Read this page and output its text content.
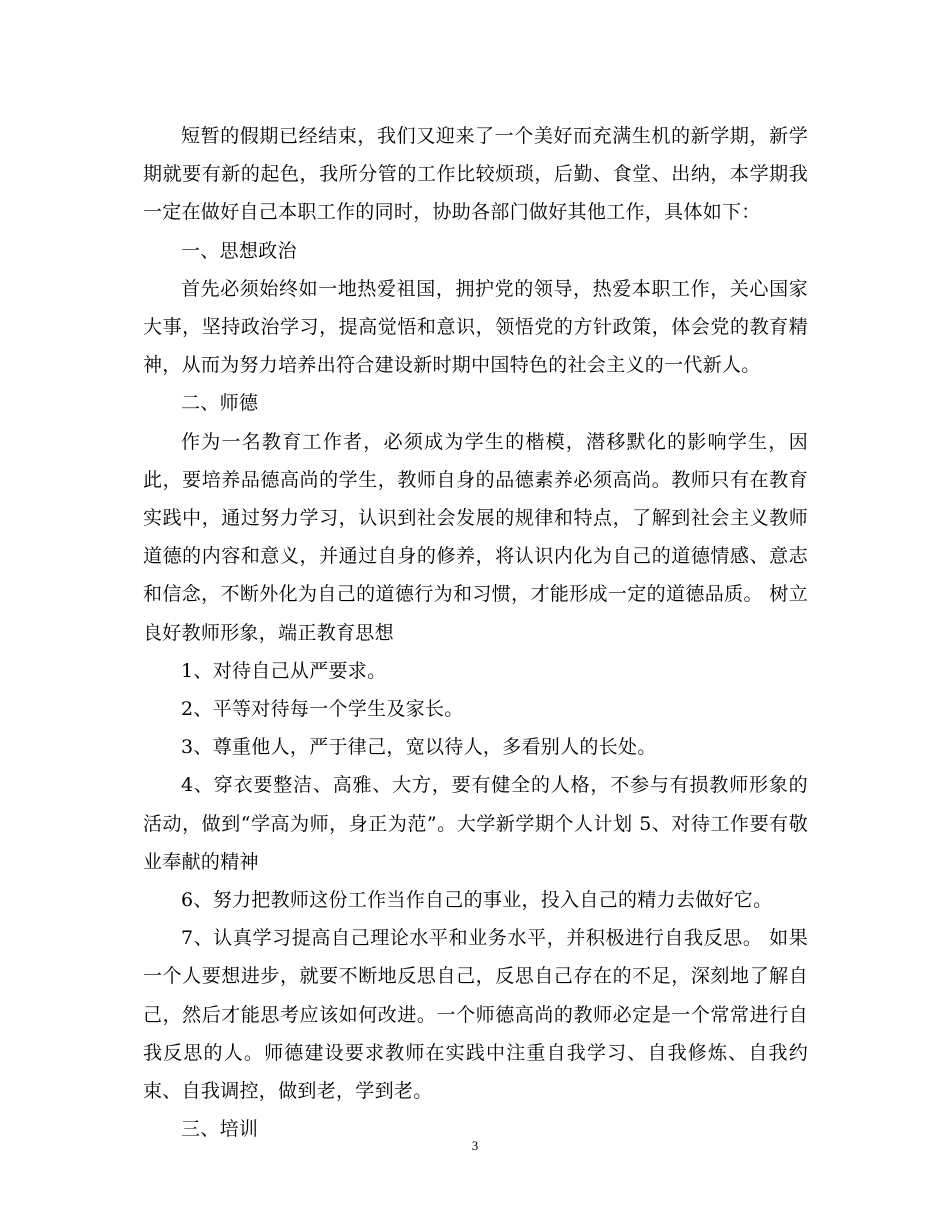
短暂的假期已经结束，我们又迎来了一个美好而充满生机的新学期，新学期就要有新的起色，我所分管的工作比较烦琐，后勤、食堂、出纳，本学期我一定在做好自己本职工作的同时，协助各部门做好其他工作，具体如下：

一、思想政治

首先必须始终如一地热爱祖国，拥护党的领导，热爱本职工作，关心国家大事，坚持政治学习，提高觉悟和意识，领悟党的方针政策，体会党的教育精神，从而为努力培养出符合建设新时期中国特色的社会主义的一代新人。

二、师德

作为一名教育工作者，必须成为学生的楷模，潜移默化的影响学生，因此，要培养品德高尚的学生，教师自身的品德素养必须高尚。教师只有在教育实践中，通过努力学习，认识到社会发展的规律和特点，了解到社会主义教师道德的内容和意义，并通过自身的修养，将认识内化为自己的道德情感、意志和信念，不断外化为自己的道德行为和习惯，才能形成一定的道德品质。 树立良好教师形象，端正教育思想

1、对待自己从严要求。

2、平等对待每一个学生及家长。

3、尊重他人，严于律己，宽以待人，多看别人的长处。

4、穿衣要整洁、高雅、大方，要有健全的人格，不参与有损教师形象的活动，做到“学高为师，身正为范”。大学新学期个人计划 5、对待工作要有敬业奉献的精神

6、努力把教师这份工作当作自己的事业，投入自己的精力去做好它。

7、认真学习提高自己理论水平和业务水平，并积极进行自我反思。 如果一个人要想进步，就要不断地反思自己，反思自己存在的不足，深刻地了解自己，然后才能思考应该如何改进。一个师德高尚的教师必定是一个常常进行自我反思的人。师德建设要求教师在实践中注重自我学习、自我修炼、自我约束、自我调控，做到老，学到老。

三、培训

3
